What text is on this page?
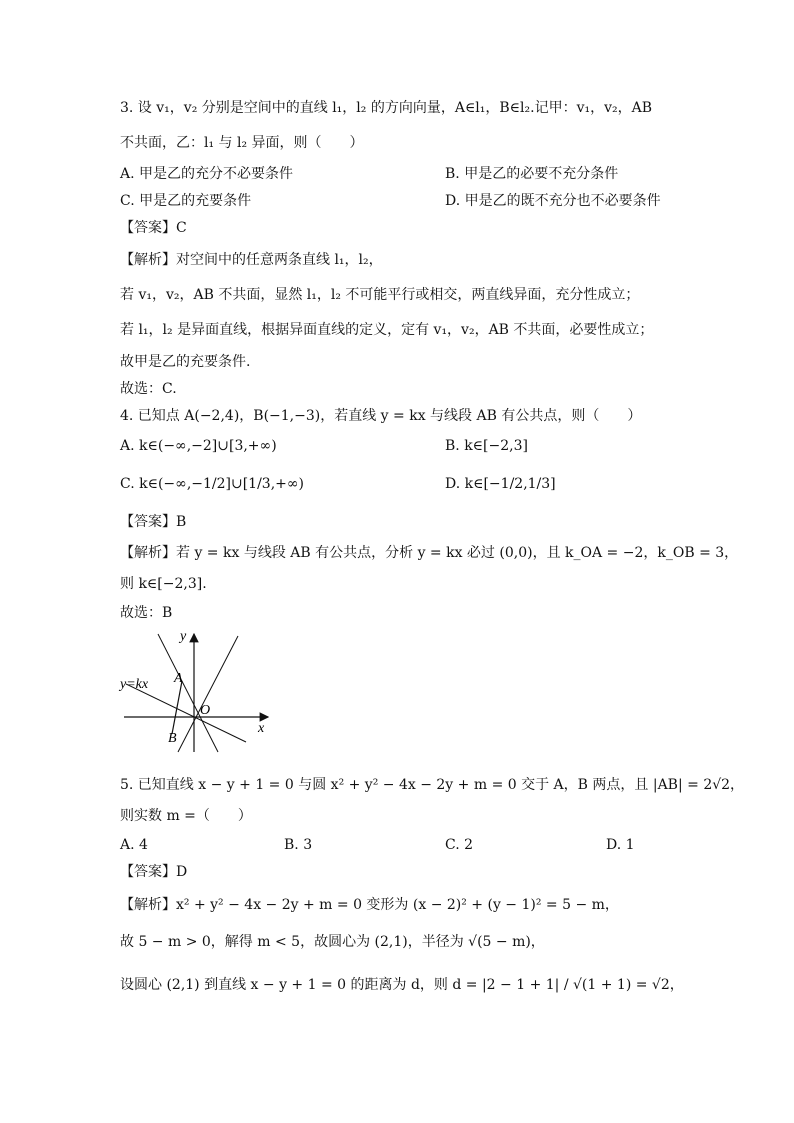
3. 设 v₁，v₂ 分别是空间中的直线 l₁，l₂ 的方向向量，A∈l₁，B∈l₂.记甲：v₁，v₂，AB
不共面，乙：l₁ 与 l₂ 异面，则（　　）
A. 甲是乙的充分不必要条件	B. 甲是乙的必要不充分条件
C. 甲是乙的充要条件	D. 甲是乙的既不充分也不必要条件
【答案】C
【解析】对空间中的任意两条直线 l₁，l₂，
若 v₁，v₂，AB 不共面，显然 l₁，l₂ 不可能平行或相交，两直线异面，充分性成立；
若 l₁，l₂ 是异面直线，根据异面直线的定义，定有 v₁，v₂，AB 不共面，必要性成立；
故甲是乙的充要条件.
故选：C.
4. 已知点 A(−2,4)，B(−1,−3)，若直线 y = kx 与线段 AB 有公共点，则（　　）
A. k∈(−∞,−2]∪[3,+∞)	B. k∈[−2,3]
C. k∈(−∞,−1/2]∪[1/3,+∞)	D. k∈[−1/2,1/3]
【答案】B
【解析】若 y = kx 与线段 AB 有公共点，分析 y = kx 必过 (0,0)，且 k_OA = −2，k_OB = 3，
则 k∈[−2,3].
故选：B
y
x
y=kx A
B
O
5. 已知直线 x − y + 1 = 0 与圆 x² + y² − 4x − 2y + m = 0 交于 A，B 两点，且 |AB| = 2√2，
则实数 m =（　　）
A. 4	B. 3	C. 2	D. 1
【答案】D
【解析】x² + y² − 4x − 2y + m = 0 变形为 (x − 2)² + (y − 1)² = 5 − m，
故 5 − m > 0，解得 m < 5，故圆心为 (2,1)，半径为 √(5 − m)，
设圆心 (2,1) 到直线 x − y + 1 = 0 的距离为 d，则 d = |2 − 1 + 1| / √(1 + 1) = √2，
